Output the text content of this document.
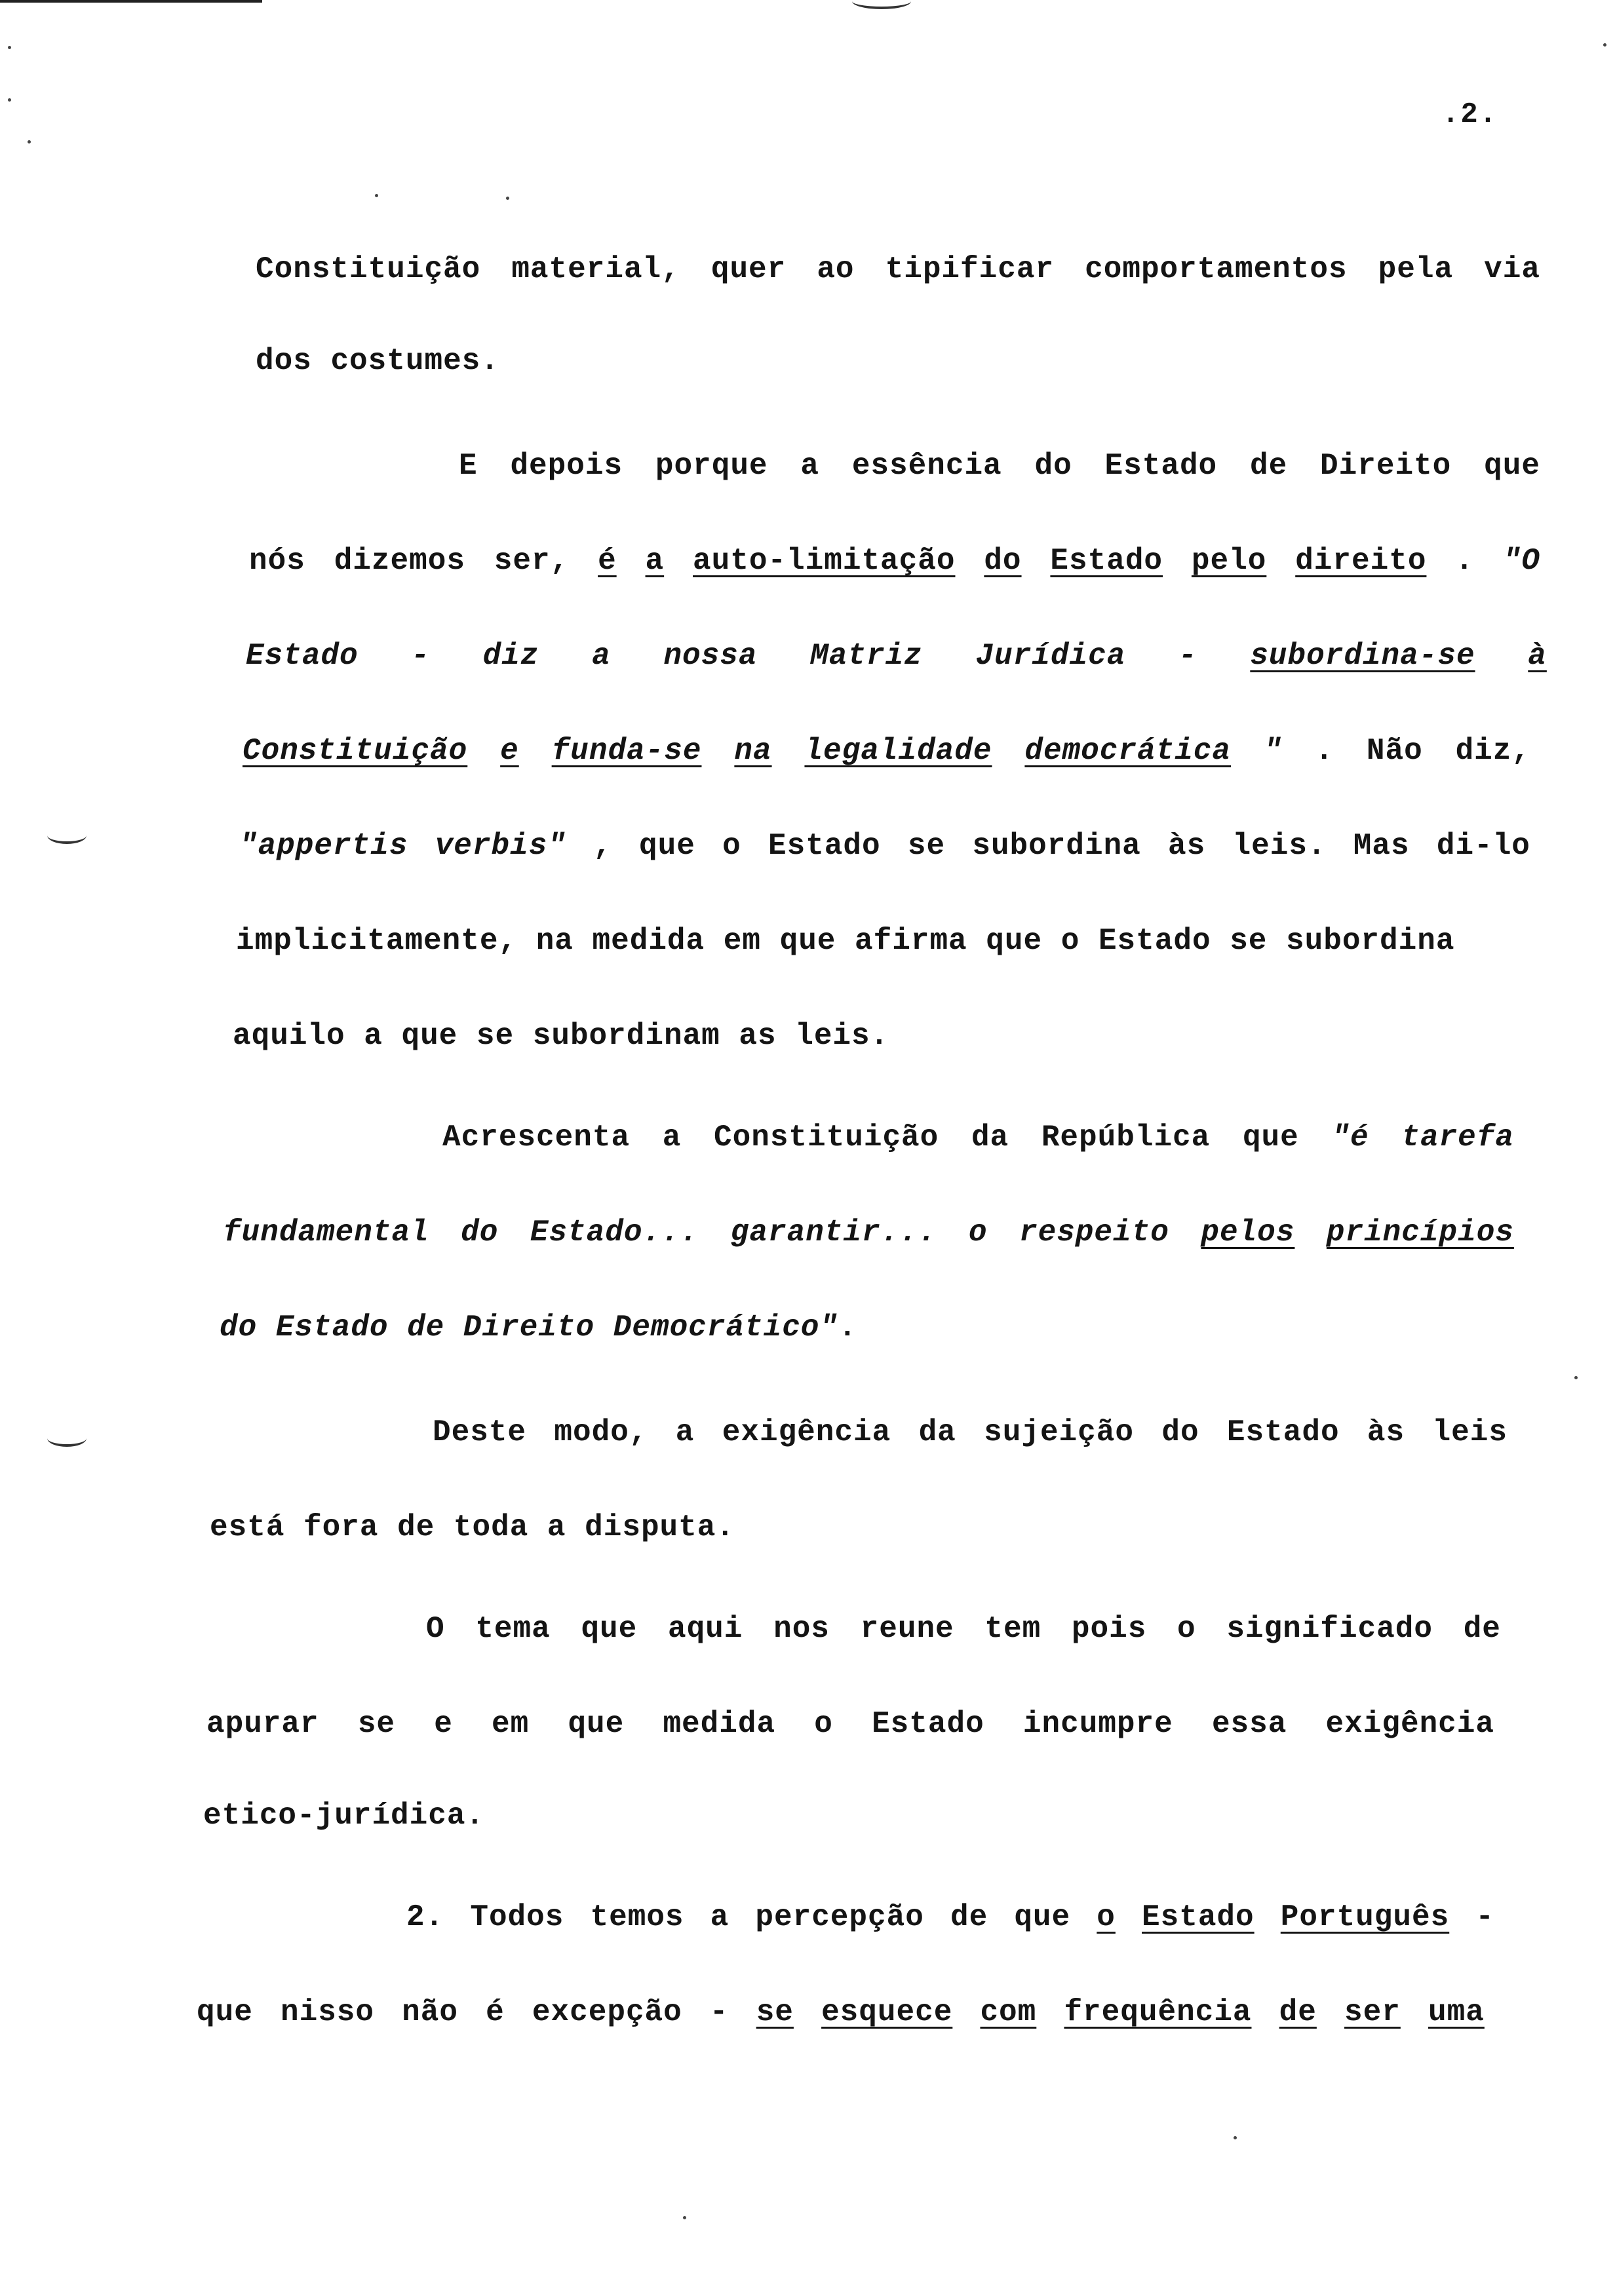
.2.
Constituição material, quer ao tipificar comportamentos pela via
dos costumes.
E depois porque a essência do Estado de Direito que
nós dizemos ser, é a auto-limitação do Estado pelo direito . "O
Estado - diz a nossa Matriz Jurídica - subordina-se à
Constituição e funda-se na legalidade democrática " . Não diz,
"appertis verbis" , que o Estado se subordina às leis. Mas di-lo
implicitamente, na medida em que afirma que o Estado se subordina
aquilo a que se subordinam as leis.
Acrescenta a Constituição da República que "é tarefa
fundamental do Estado... garantir... o respeito pelos princípios
do Estado de Direito Democrático".
Deste modo, a exigência da sujeição do Estado às leis
está fora de toda a disputa.
O tema que aqui nos reune tem pois o significado de
apurar se e em que medida o Estado incumpre essa exigência
etico-jurídica.
2. Todos temos a percepção de que o Estado Português -
que nisso não é excepção - se esquece com frequência de ser uma
